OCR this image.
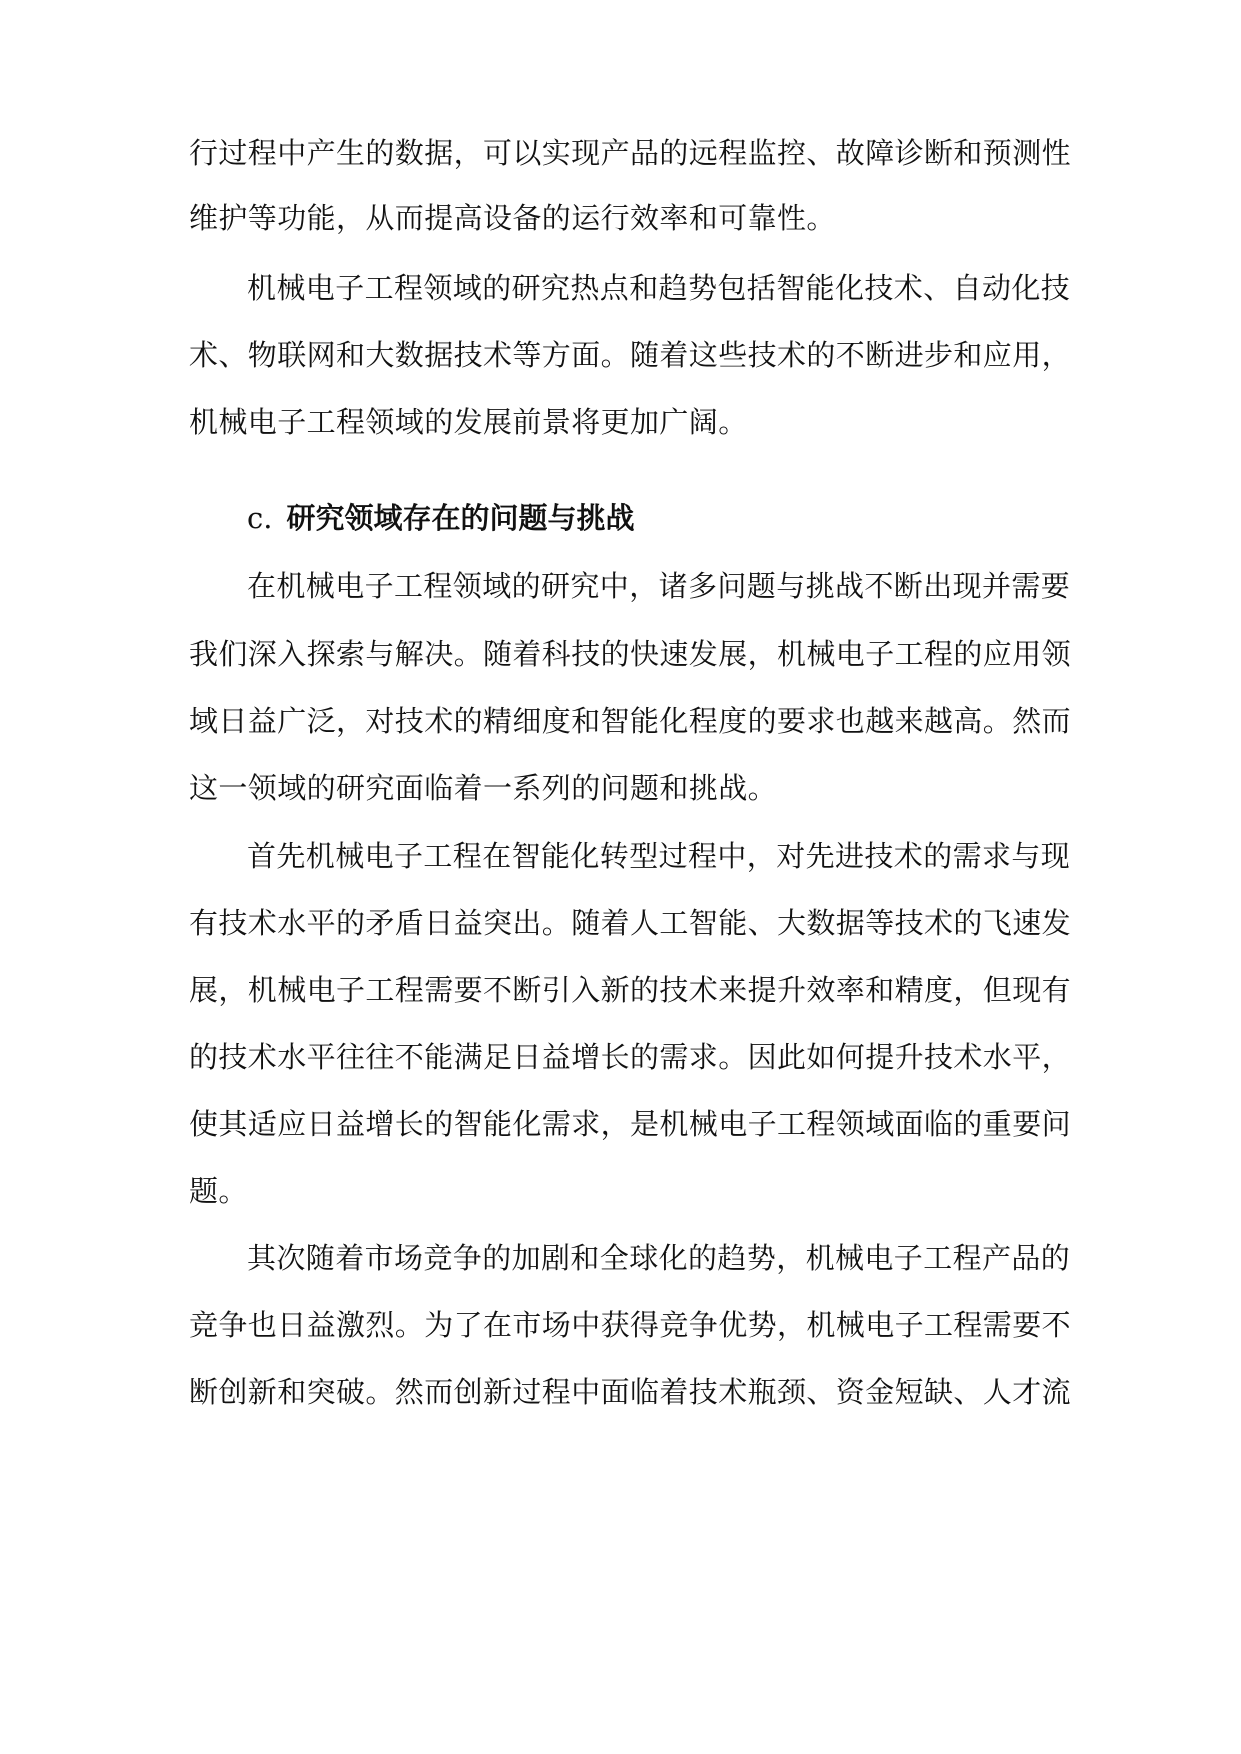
行过程中产生的数据，可以实现产品的远程监控、故障诊断和预测性
维护等功能，从而提高设备的运行效率和可靠性。
机械电子工程领域的研究热点和趋势包括智能化技术、自动化技
术、物联网和大数据技术等方面。随着这些技术的不断进步和应用，
机械电子工程领域的发展前景将更加广阔。
c. 研究领域存在的问题与挑战
在机械电子工程领域的研究中，诸多问题与挑战不断出现并需要
我们深入探索与解决。随着科技的快速发展，机械电子工程的应用领
域日益广泛，对技术的精细度和智能化程度的要求也越来越高。然而
这一领域的研究面临着一系列的问题和挑战。
首先机械电子工程在智能化转型过程中，对先进技术的需求与现
有技术水平的矛盾日益突出。随着人工智能、大数据等技术的飞速发
展，机械电子工程需要不断引入新的技术来提升效率和精度，但现有
的技术水平往往不能满足日益增长的需求。因此如何提升技术水平，
使其适应日益增长的智能化需求，是机械电子工程领域面临的重要问
题。
其次随着市场竞争的加剧和全球化的趋势，机械电子工程产品的
竞争也日益激烈。为了在市场中获得竞争优势，机械电子工程需要不
断创新和突破。然而创新过程中面临着技术瓶颈、资金短缺、人才流
